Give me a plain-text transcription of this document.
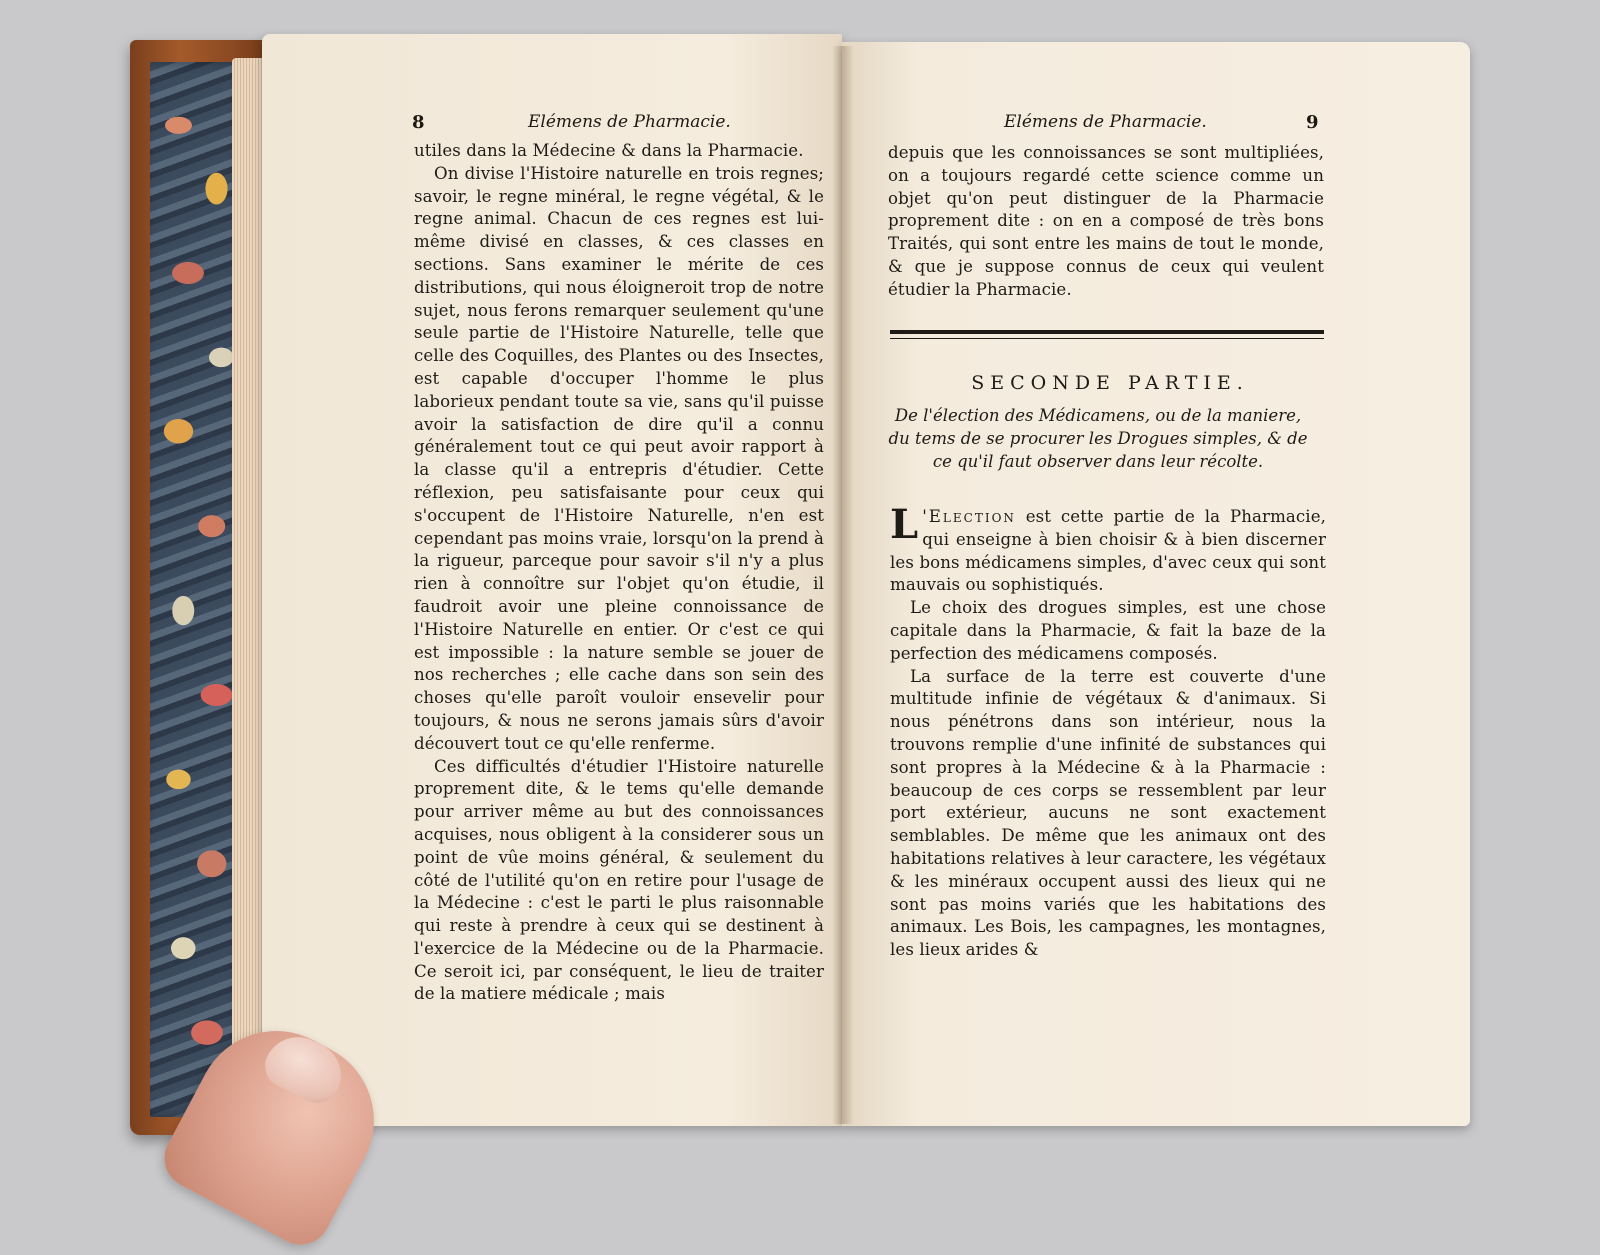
8	Elémens de Pharmacie.

utiles dans la Médecine & dans la Pharmacie.

On divise l'Histoire naturelle en trois regnes; savoir, le regne minéral, le regne végétal, & le regne animal. Chacun de ces regnes est lui-même divisé en classes, & ces classes en sections. Sans examiner le mérite de ces distributions, qui nous éloigneroit trop de notre sujet, nous ferons remarquer seulement qu'une seule partie de l'Histoire Naturelle, telle que celle des Coquilles, des Plantes ou des Insectes, est capable d'occuper l'homme le plus laborieux pendant toute sa vie, sans qu'il puisse avoir la satisfaction de dire qu'il a connu généralement tout ce qui peut avoir rapport à la classe qu'il a entrepris d'étudier. Cette réflexion, peu satisfaisante pour ceux qui s'occupent de l'Histoire Naturelle, n'en est cependant pas moins vraie, lorsqu'on la prend à la rigueur, parceque pour savoir s'il n'y a plus rien à connoître sur l'objet qu'on étudie, il faudroit avoir une pleine connoissance de l'Histoire Naturelle en entier. Or c'est ce qui est impossible : la nature semble se jouer de nos recherches ; elle cache dans son sein des choses qu'elle paroît vouloir ensevelir pour toujours, & nous ne serons jamais sûrs d'avoir découvert tout ce qu'elle renferme.

Ces difficultés d'étudier l'Histoire naturelle proprement dite, & le tems qu'elle demande pour arriver même au but des connoissances acquises, nous obligent à la considerer sous un point de vûe moins général, & seulement du côté de l'utilité qu'on en retire pour l'usage de la Médecine : c'est le parti le plus raisonnable qui reste à prendre à ceux qui se destinent à l'exercice de la Médecine ou de la Pharmacie. Ce seroit ici, par conséquent, le lieu de traiter de la matiere médicale ; mais

Elémens de Pharmacie.	9

depuis que les connoissances se sont multipliées, on a toujours regardé cette science comme un objet qu'on peut distinguer de la Pharmacie proprement dite : on en a composé de très bons Traités, qui sont entre les mains de tout le monde, & que je suppose connus de ceux qui veulent étudier la Pharmacie.

SECONDE PARTIE.
De l'élection des Médicamens, ou de la maniere, du tems de se procurer les Drogues simples, & de ce qu'il faut observer dans leur récolte.

L 'Election est cette partie de la Pharmacie, qui enseigne à bien choisir & à bien discerner les bons médicamens simples, d'avec ceux qui sont mauvais ou sophistiqués.

Le choix des drogues simples, est une chose capitale dans la Pharmacie, & fait la baze de la perfection des médicamens composés.

La surface de la terre est couverte d'une multitude infinie de végétaux & d'animaux. Si nous pénétrons dans son intérieur, nous la trouvons remplie d'une infinité de substances qui sont propres à la Médecine & à la Pharmacie : beaucoup de ces corps se ressemblent par leur port extérieur, aucuns ne sont exactement semblables. De même que les animaux ont des habitations relatives à leur caractere, les végétaux & les minéraux occupent aussi des lieux qui ne sont pas moins variés que les habitations des animaux. Les Bois, les campagnes, les montagnes, les lieux arides &
